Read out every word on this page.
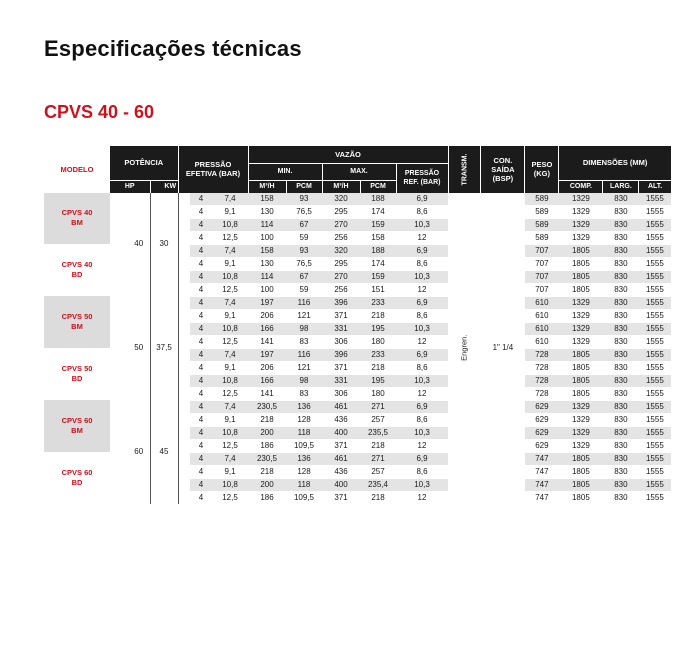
Especificações técnicas
CPVS 40 - 60
MODELO	POTÊNCIA			PRESSÃO EFETIVA (BAR)			VAZÃO					TRANSM.	CON. SAÍDA (BSP)	PESO (KG)	DIMENSÕES (MM)		
							MIN.		MAX.		PRESSÃO REF. (BAR)						
	HP		KW				M³/H	PCM	M³/H	PCM					COMP.	LARG.	ALT.
CPVS 40
BM		40	30		4	7,4	158	93	320	188	6,9	Engren.	1" 1/4	589	1329	830	1555
					4	9,1	130	76,5	295	174	8,6			589	1329	830	1555
					4	10,8	114	67	270	159	10,3			589	1329	830	1555
					4	12,5	100	59	256	158	12			589	1329	830	1555
CPVS 40
BD					4	7,4	158	93	320	188	6,9			707	1805	830	1555
					4	9,1	130	76,5	295	174	8,6			707	1805	830	1555
					4	10,8	114	67	270	159	10,3			707	1805	830	1555
					4	12,5	100	59	256	151	12			707	1805	830	1555
CPVS 50
BM		50	37,5		4	7,4	197	116	396	233	6,9			610	1329	830	1555
					4	9,1	206	121	371	218	8,6			610	1329	830	1555
					4	10,8	166	98	331	195	10,3			610	1329	830	1555
					4	12,5	141	83	306	180	12			610	1329	830	1555
CPVS 50
BD					4	7,4	197	116	396	233	6,9			728	1805	830	1555
					4	9,1	206	121	371	218	8,6			728	1805	830	1555
					4	10,8	166	98	331	195	10,3			728	1805	830	1555
					4	12,5	141	83	306	180	12			728	1805	830	1555
CPVS 60
BM		60	45		4	7,4	230,5	136	461	271	6,9			629	1329	830	1555
					4	9,1	218	128	436	257	8,6			629	1329	830	1555
					4	10,8	200	118	400	235,5	10,3			629	1329	830	1555
					4	12,5	186	109,5	371	218	12			629	1329	830	1555
CPVS 60
BD					4	7,4	230,5	136	461	271	6,9			747	1805	830	1555
					4	9,1	218	128	436	257	8,6			747	1805	830	1555
					4	10,8	200	118	400	235,4	10,3			747	1805	830	1555
					4	12,5	186	109,5	371	218	12			747	1805	830	1555
